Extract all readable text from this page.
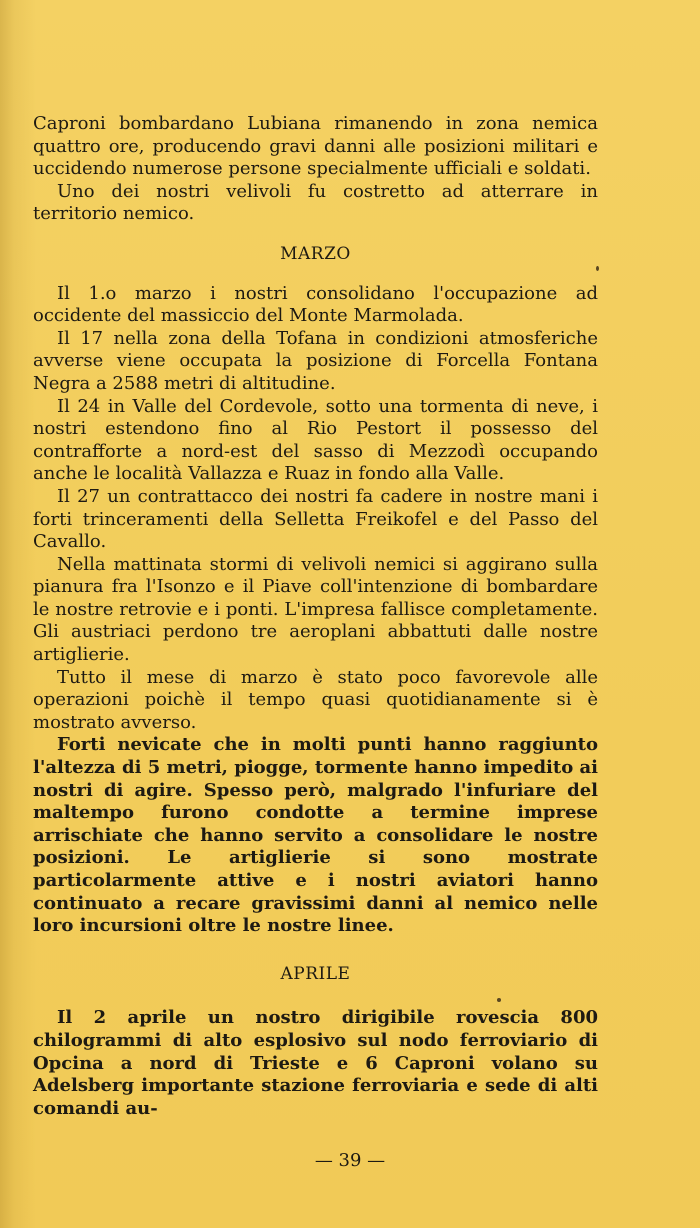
Caproni bombardano Lubiana rimanendo in zona nemica quattro ore, producendo gravi danni alle posizioni militari e uccidendo numerose persone specialmente ufficiali e soldati.

Uno dei nostri velivoli fu costretto ad atterrare in territorio nemico.

MARZO

Il 1.o marzo i nostri consolidano l'occupazione ad occidente del massiccio del Monte Marmolada.

Il 17 nella zona della Tofana in condizioni atmosferiche avverse viene occupata la posizione di Forcella Fontana Negra a 2588 metri di altitudine.

Il 24 in Valle del Cordevole, sotto una tormenta di neve, i nostri estendono fino al Rio Pestort il possesso del contrafforte a nord-est del sasso di Mezzodì occupando anche le località Vallazza e Ruaz in fondo alla Valle.

Il 27 un contrattacco dei nostri fa cadere in nostre mani i forti trinceramenti della Selletta Freikofel e del Passo del Cavallo.

Nella mattinata stormi di velivoli nemici si aggirano sulla pianura fra l'Isonzo e il Piave coll'intenzione di bombardare le nostre retrovie e i ponti. L'impresa fallisce completamente. Gli austriaci perdono tre aeroplani abbattuti dalle nostre artiglierie.

Tutto il mese di marzo è stato poco favorevole alle operazioni poichè il tempo quasi quotidianamente si è mostrato avverso.

Forti nevicate che in molti punti hanno raggiunto l'altezza di 5 metri, piogge, tormente hanno impedito ai nostri di agire. Spesso però, malgrado l'infuriare del maltempo furono condotte a termine imprese arrischiate che hanno servito a consolidare le nostre posizioni. Le artiglierie si sono mostrate particolarmente attive e i nostri aviatori hanno continuato a recare gravissimi danni al nemico nelle loro incursioni oltre le nostre linee.

APRILE

Il 2 aprile un nostro dirigibile rovescia 800 chilogrammi di alto esplosivo sul nodo ferroviario di Opcina a nord di Trieste e 6 Caproni volano su Adelsberg importante stazione ferroviaria e sede di alti comandi au-

— 39 —
